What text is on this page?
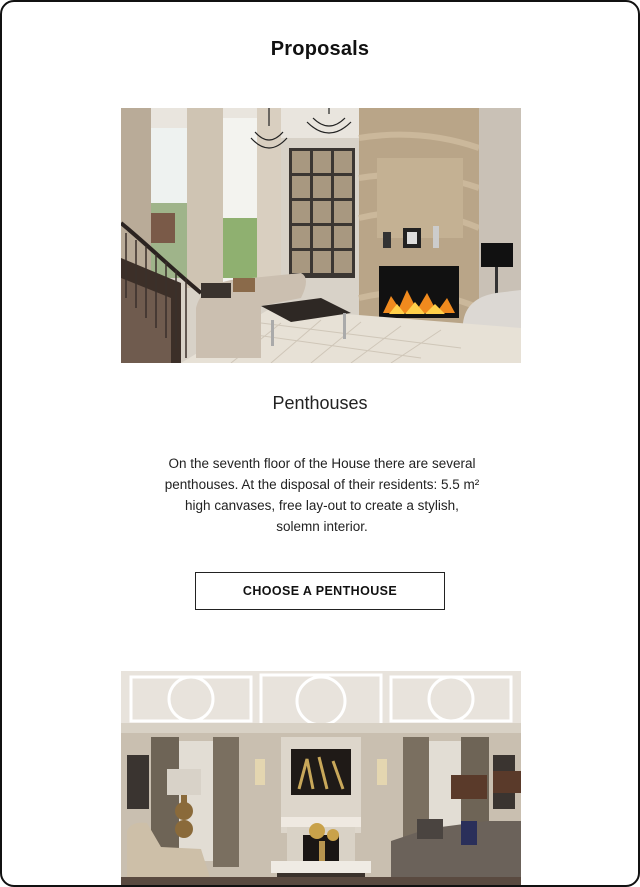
Proposals
Penthouses
On the seventh floor of the House there are several penthouses. At the disposal of their residents: 5.5 m² high canvases, free lay-out to create a stylish, solemn interior.
CHOOSE A PENTHOUSE
